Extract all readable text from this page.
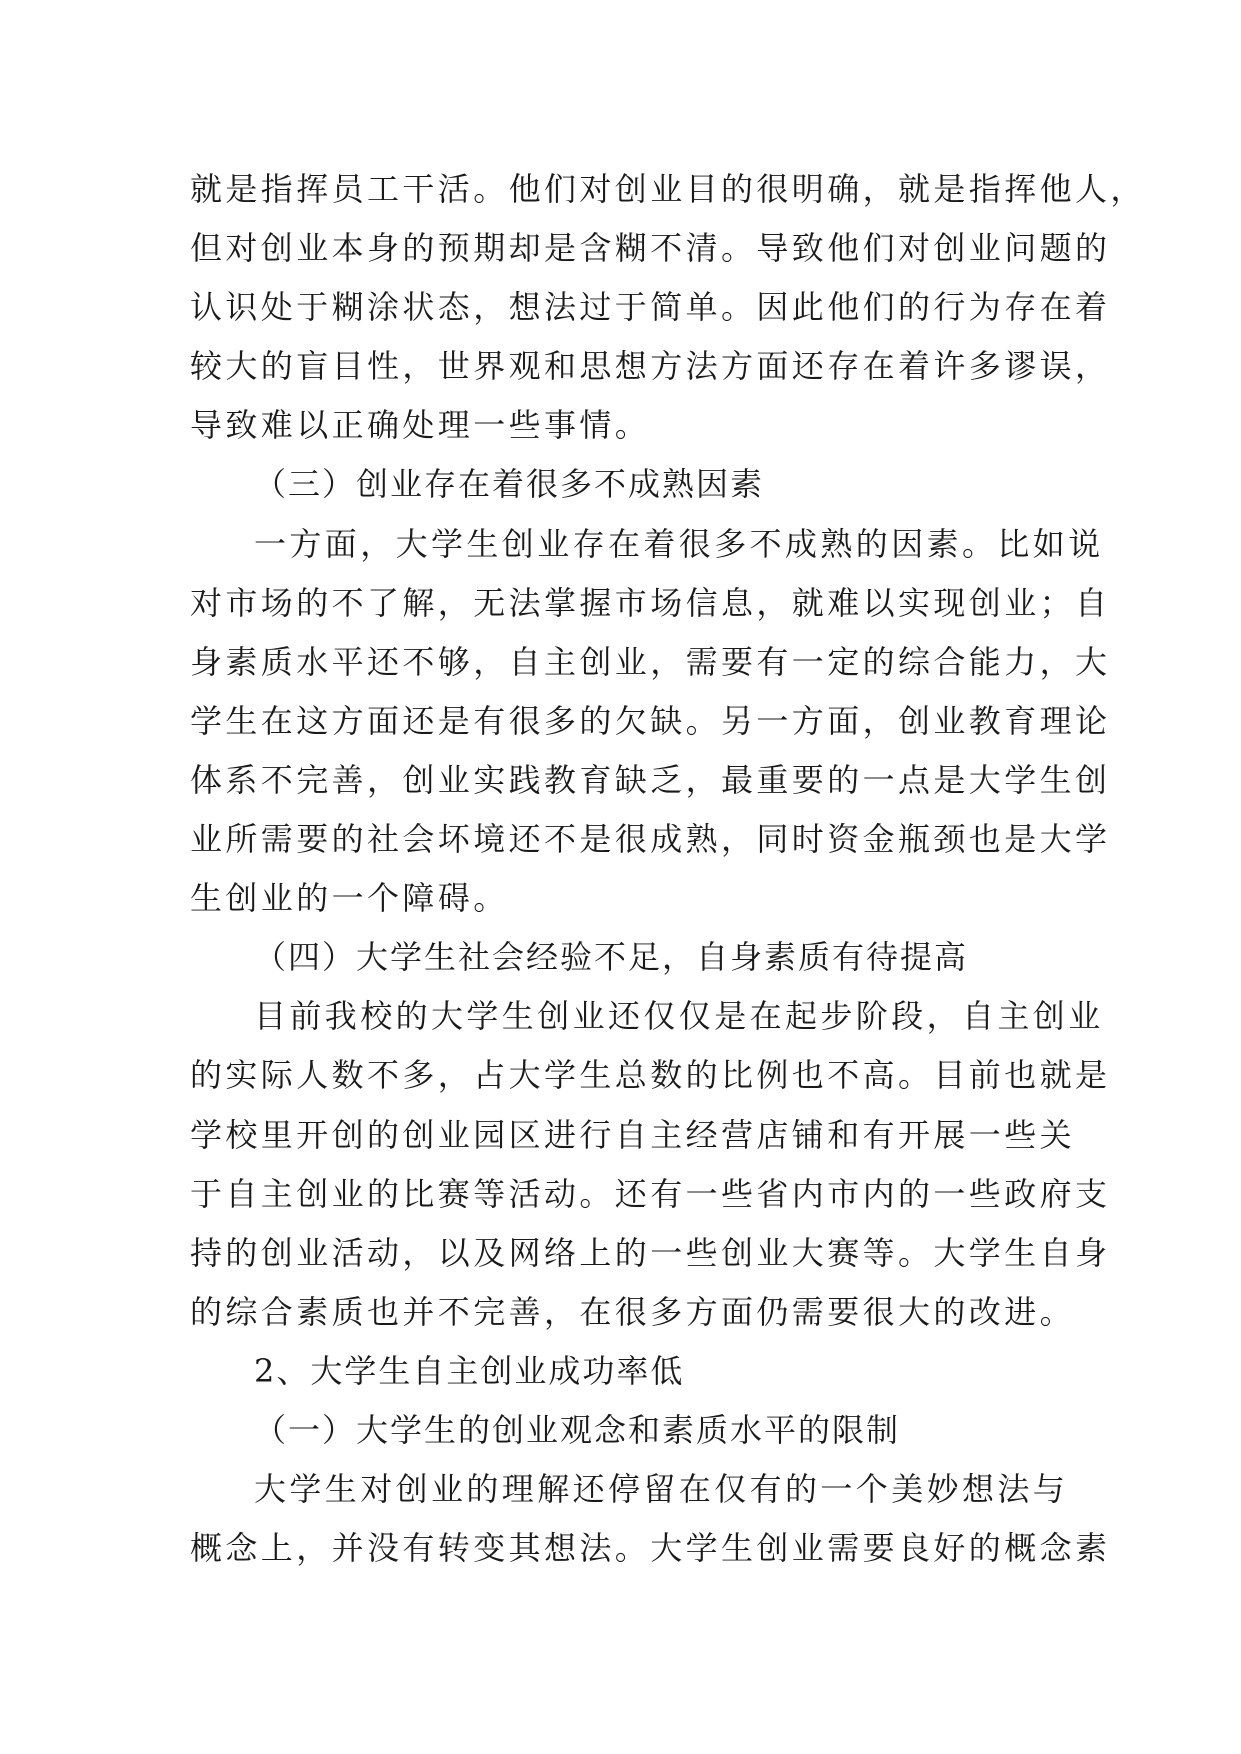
就是指挥员工干活。他们对创业目的很明确，就是指挥他人，
但对创业本身的预期却是含糊不清。导致他们对创业问题的
认识处于糊涂状态，想法过于简单。因此他们的行为存在着
较大的盲目性，世界观和思想方法方面还存在着许多谬误，
导致难以正确处理一些事情。
（三）创业存在着很多不成熟因素
一方面，大学生创业存在着很多不成熟的因素。比如说
对市场的不了解，无法掌握市场信息，就难以实现创业；自
身素质水平还不够，自主创业，需要有一定的综合能力，大
学生在这方面还是有很多的欠缺。另一方面，创业教育理论
体系不完善，创业实践教育缺乏，最重要的一点是大学生创
业所需要的社会坏境还不是很成熟，同时资金瓶颈也是大学
生创业的一个障碍。
（四）大学生社会经验不足，自身素质有待提高
目前我校的大学生创业还仅仅是在起步阶段，自主创业
的实际人数不多，占大学生总数的比例也不高。目前也就是
学校里开创的创业园区进行自主经营店铺和有开展一些关
于自主创业的比赛等活动。还有一些省内市内的一些政府支
持的创业活动，以及网络上的一些创业大赛等。大学生自身
的综合素质也并不完善，在很多方面仍需要很大的改进。
2、大学生自主创业成功率低
（一）大学生的创业观念和素质水平的限制
大学生对创业的理解还停留在仅有的一个美妙想法与
概念上，并没有转变其想法。大学生创业需要良好的概念素
